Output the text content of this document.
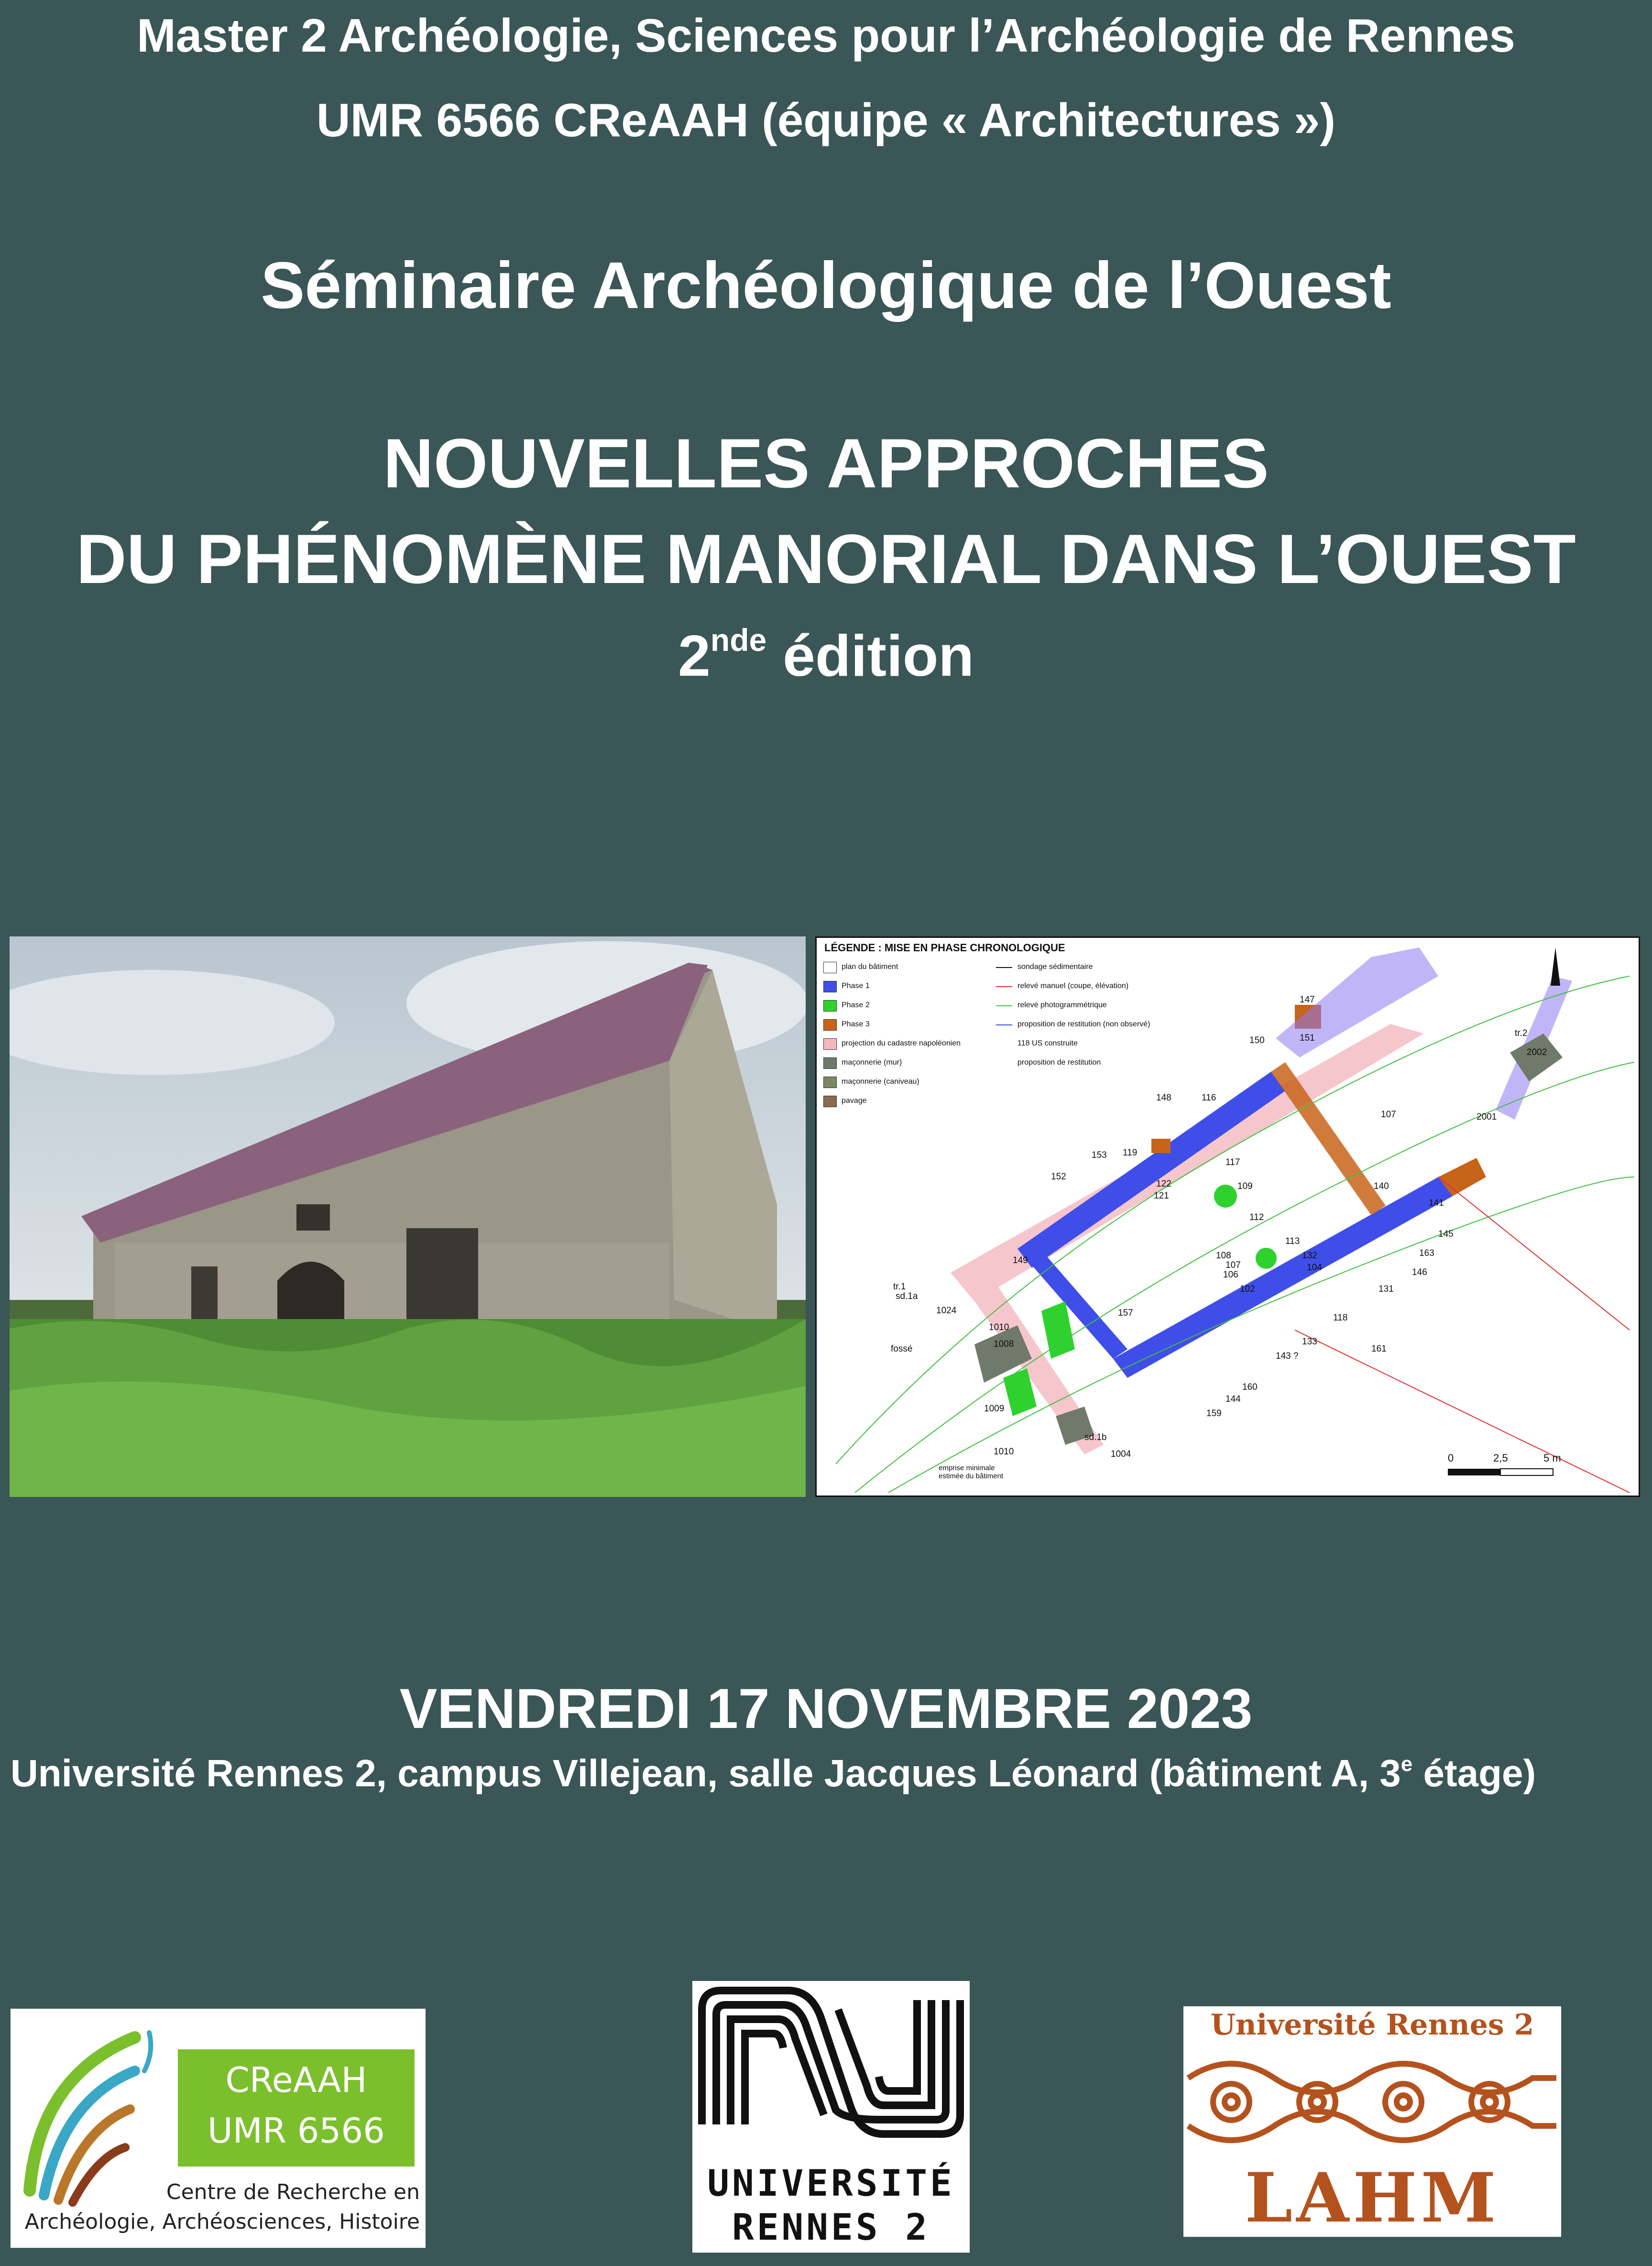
Master 2 Archéologie, Sciences pour l’Archéologie de Rennes
UMR 6566 CReAAH (équipe « Architectures »)
Séminaire Archéologique de l’Ouest
NOUVELLES APPROCHES
DU PHÉNOMÈNE MANORIAL DANS L’OUEST
2nde édition
LÉGENDE : MISE EN PHASE CHRONOLOGIQUE
plan du bâtiment
Phase 1
Phase 2
Phase 3
projection du cadastre napoléonien
maçonnerie (mur)
maçonnerie (caniveau)
pavage
sondage sédimentaire
relevé manuel (coupe, élévation)
relevé photogrammétrique
proposition de restitution (non observé)
118 US construite
proposition de restitution
147
150	151
107
148	116
119
153
117
152
122
121
109
112
140
141
145
163
146
131
149	108
107
106
113
132
104
102
157	118
133
143 ?
160
144
159
1024
1010
1008
1009
1010	1004
161
2002
2001
tr.1
sd.1a
tr.2
sd.1b
fossé
0	2,5	5 m
emprise minimale estimée du bâtiment
VENDREDI 17 NOVEMBRE 2023
Université Rennes 2, campus Villejean, salle Jacques Léonard (bâtiment A, 3e étage)
CReAAH
UMR 6566
Centre de Recherche en
Archéologie, Archéosciences, Histoire
UNIVERSITÉ
RENNES 2
Université Rennes 2
LAHM
